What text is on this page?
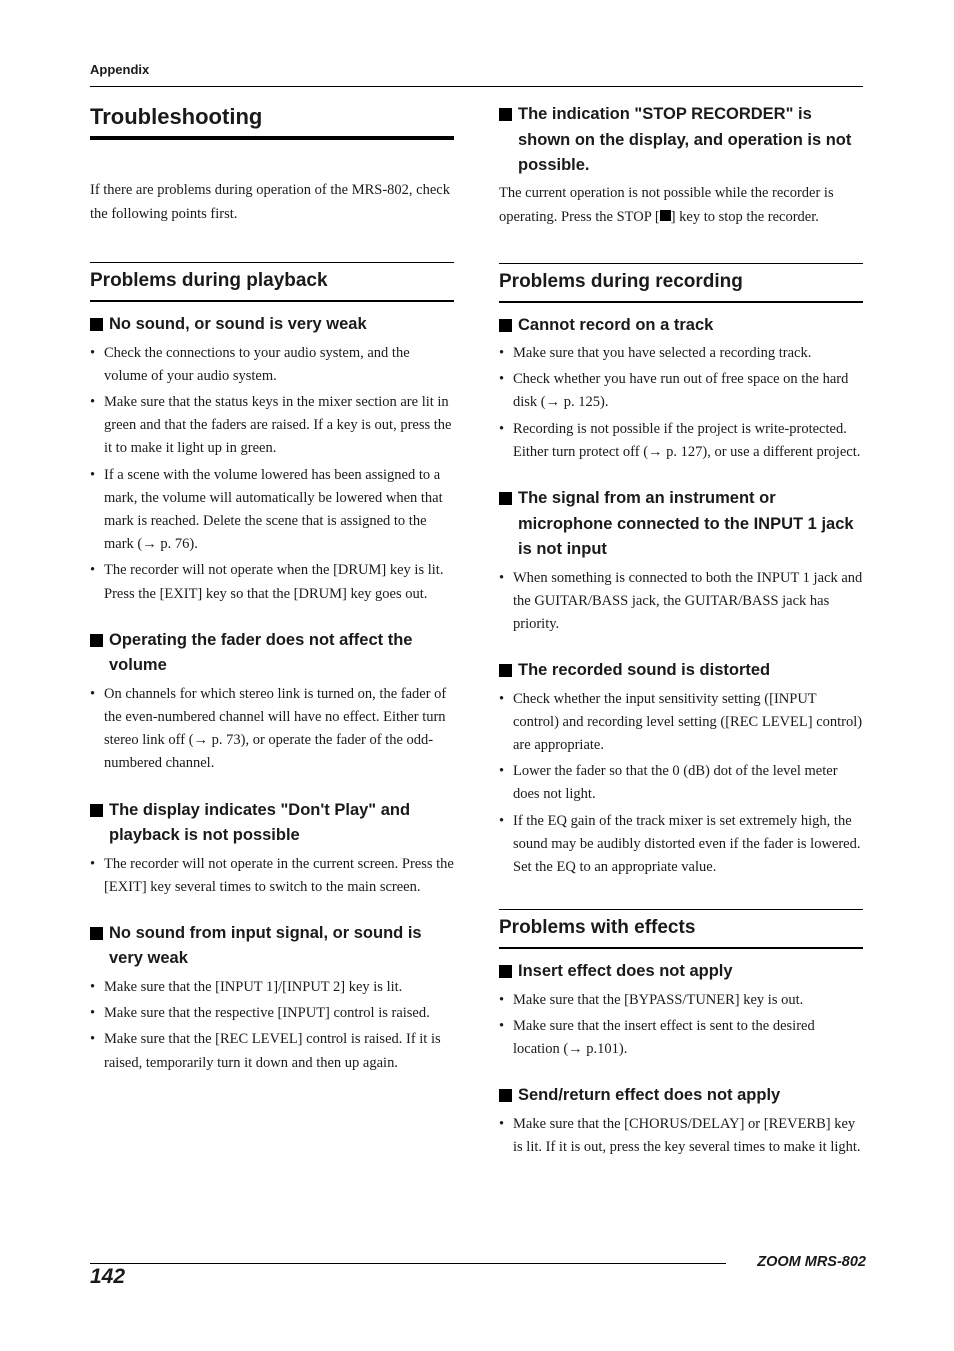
Appendix
Troubleshooting

If there are problems during operation of the MRS-802, check the following points first.

Problems during playback
No sound, or sound is very weak
• Check the connections to your audio system, and the volume of your audio system.
• Make sure that the status keys in the mixer section are lit in green and that the faders are raised. If a key is out, press the it to make it light up in green.
• If a scene with the volume lowered has been assigned to a mark, the volume will automatically be lowered when that mark is reached. Delete the scene that is assigned to the mark (→ p. 76).
• The recorder will not operate when the [DRUM] key is lit. Press the [EXIT] key so that the [DRUM] key goes out.
Operating the fader does not affect the volume
• On channels for which stereo link is turned on, the fader of the even-numbered channel will have no effect. Either turn stereo link off (→ p. 73), or operate the fader of the odd-numbered channel.
The display indicates "Don't Play" and playback is not possible
• The recorder will not operate in the current screen. Press the [EXIT] key several times to switch to the main screen.
No sound from input signal, or sound is very weak
• Make sure that the [INPUT 1]/[INPUT 2] key is lit.
• Make sure that the respective [INPUT] control is raised.
• Make sure that the [REC LEVEL] control is raised. If it is raised, temporarily turn it down and then up again.
The indication "STOP RECORDER" is shown on the display, and operation is not possible.

The current operation is not possible while the recorder is operating. Press the STOP [ ] key to stop the recorder.

Problems during recording
Cannot record on a track
• Make sure that you have selected a recording track.
• Check whether you have run out of free space on the hard disk (→ p. 125).
• Recording is not possible if the project is write-protected. Either turn protect off (→ p. 127), or use a different project.
The signal from an instrument or microphone connected to the INPUT 1 jack is not input
• When something is connected to both the INPUT 1 jack and the GUITAR/BASS jack, the GUITAR/BASS jack has priority.
The recorded sound is distorted
• Check whether the input sensitivity setting ([INPUT control) and recording level setting ([REC LEVEL] control) are appropriate.
• Lower the fader so that the 0 (dB) dot of the level meter does not light.
• If the EQ gain of the track mixer is set extremely high, the sound may be audibly distorted even if the fader is lowered. Set the EQ to an appropriate value.
Problems with effects
Insert effect does not apply
• Make sure that the [BYPASS/TUNER] key is out.
• Make sure that the insert effect is sent to the desired location (→ p.101).
Send/return effect does not apply
• Make sure that the [CHORUS/DELAY] or [REVERB] key is lit. If it is out, press the key several times to make it light.
142
ZOOM MRS-802
